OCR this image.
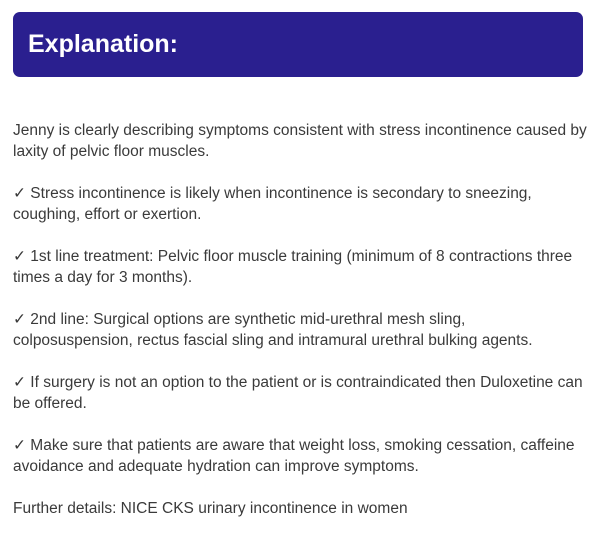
Explanation:

Jenny is clearly describing symptoms consistent with stress incontinence caused by laxity of pelvic floor muscles.

✓ Stress incontinence is likely when incontinence is secondary to sneezing, coughing, effort or exertion.

✓ 1st line treatment: Pelvic floor muscle training (minimum of 8 contractions three times a day for 3 months).

✓ 2nd line: Surgical options are synthetic mid-urethral mesh sling, colposuspension, rectus fascial sling and intramural urethral bulking agents.

✓ If surgery is not an option to the patient or is contraindicated then Duloxetine can be offered.

✓ Make sure that patients are aware that weight loss, smoking cessation, caffeine avoidance and adequate hydration can improve symptoms.

Further details: NICE CKS urinary incontinence in women
